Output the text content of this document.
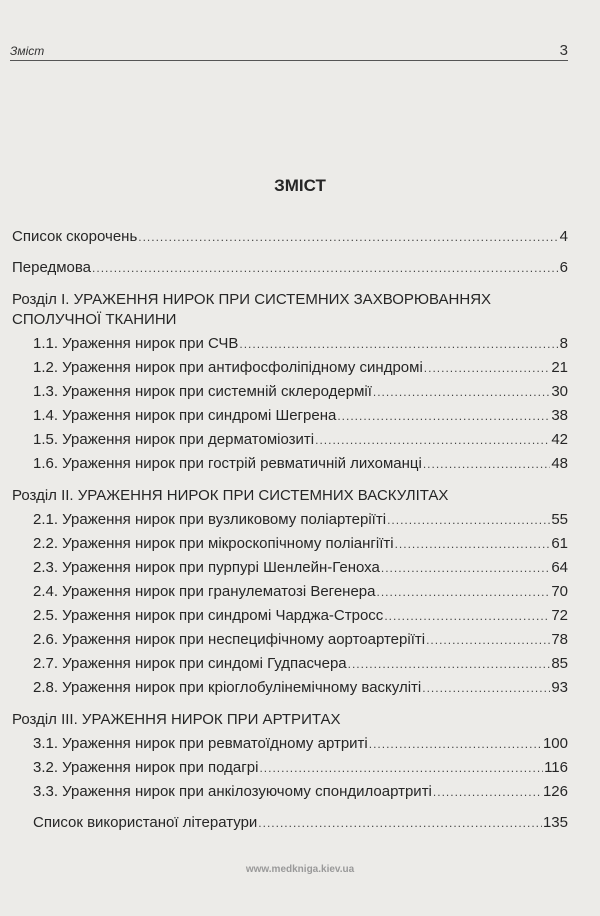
Зміст	3
ЗМІСТ
Список скорочень .....	4
Передмова .....	6
Розділ I. УРАЖЕННЯ НИРОК ПРИ СИСТЕМНИХ ЗАХВОРЮВАННЯХ СПОЛУЧНОЇ ТКАНИНИ
1.1. Ураження нирок при СЧВ .....	8
1.2. Ураження нирок при антифосфоліпідному синдромі .....	21
1.3. Ураження нирок при системній склеродермії .....	30
1.4. Ураження нирок при синдромі Шегрена .....	38
1.5. Ураження нирок при дерматоміозиті .....	42
1.6. Ураження нирок при гострій ревматичній лихоманці .....	48
Розділ II. УРАЖЕННЯ НИРОК ПРИ СИСТЕМНИХ ВАСКУЛІТАХ
2.1. Ураження нирок при вузликовому поліартеріїті .....	55
2.2. Ураження нирок при мікроскопічному поліангіїті .....	61
2.3. Ураження нирок при пурпурі Шенлейн-Геноха .....	64
2.4. Ураження нирок при гранулематозі Вегенера .....	70
2.5. Ураження нирок при синдромі Чарджа-Стросс .....	72
2.6. Ураження нирок при неспецифічному аортоартеріїті .....	78
2.7. Ураження нирок при синдомі Гудпасчера .....	85
2.8. Ураження нирок при кріоглобулінемічному васкуліті .....	93
Розділ III. УРАЖЕННЯ НИРОК ПРИ АРТРИТАХ
3.1. Ураження нирок при ревматоїдному артриті .....	100
3.2. Ураження нирок при подагрі .....	116
3.3. Ураження нирок при анкілозуючому спондилоартриті .....	126
Список використаної літератури .....	135
www.medkniga.kiev.ua
